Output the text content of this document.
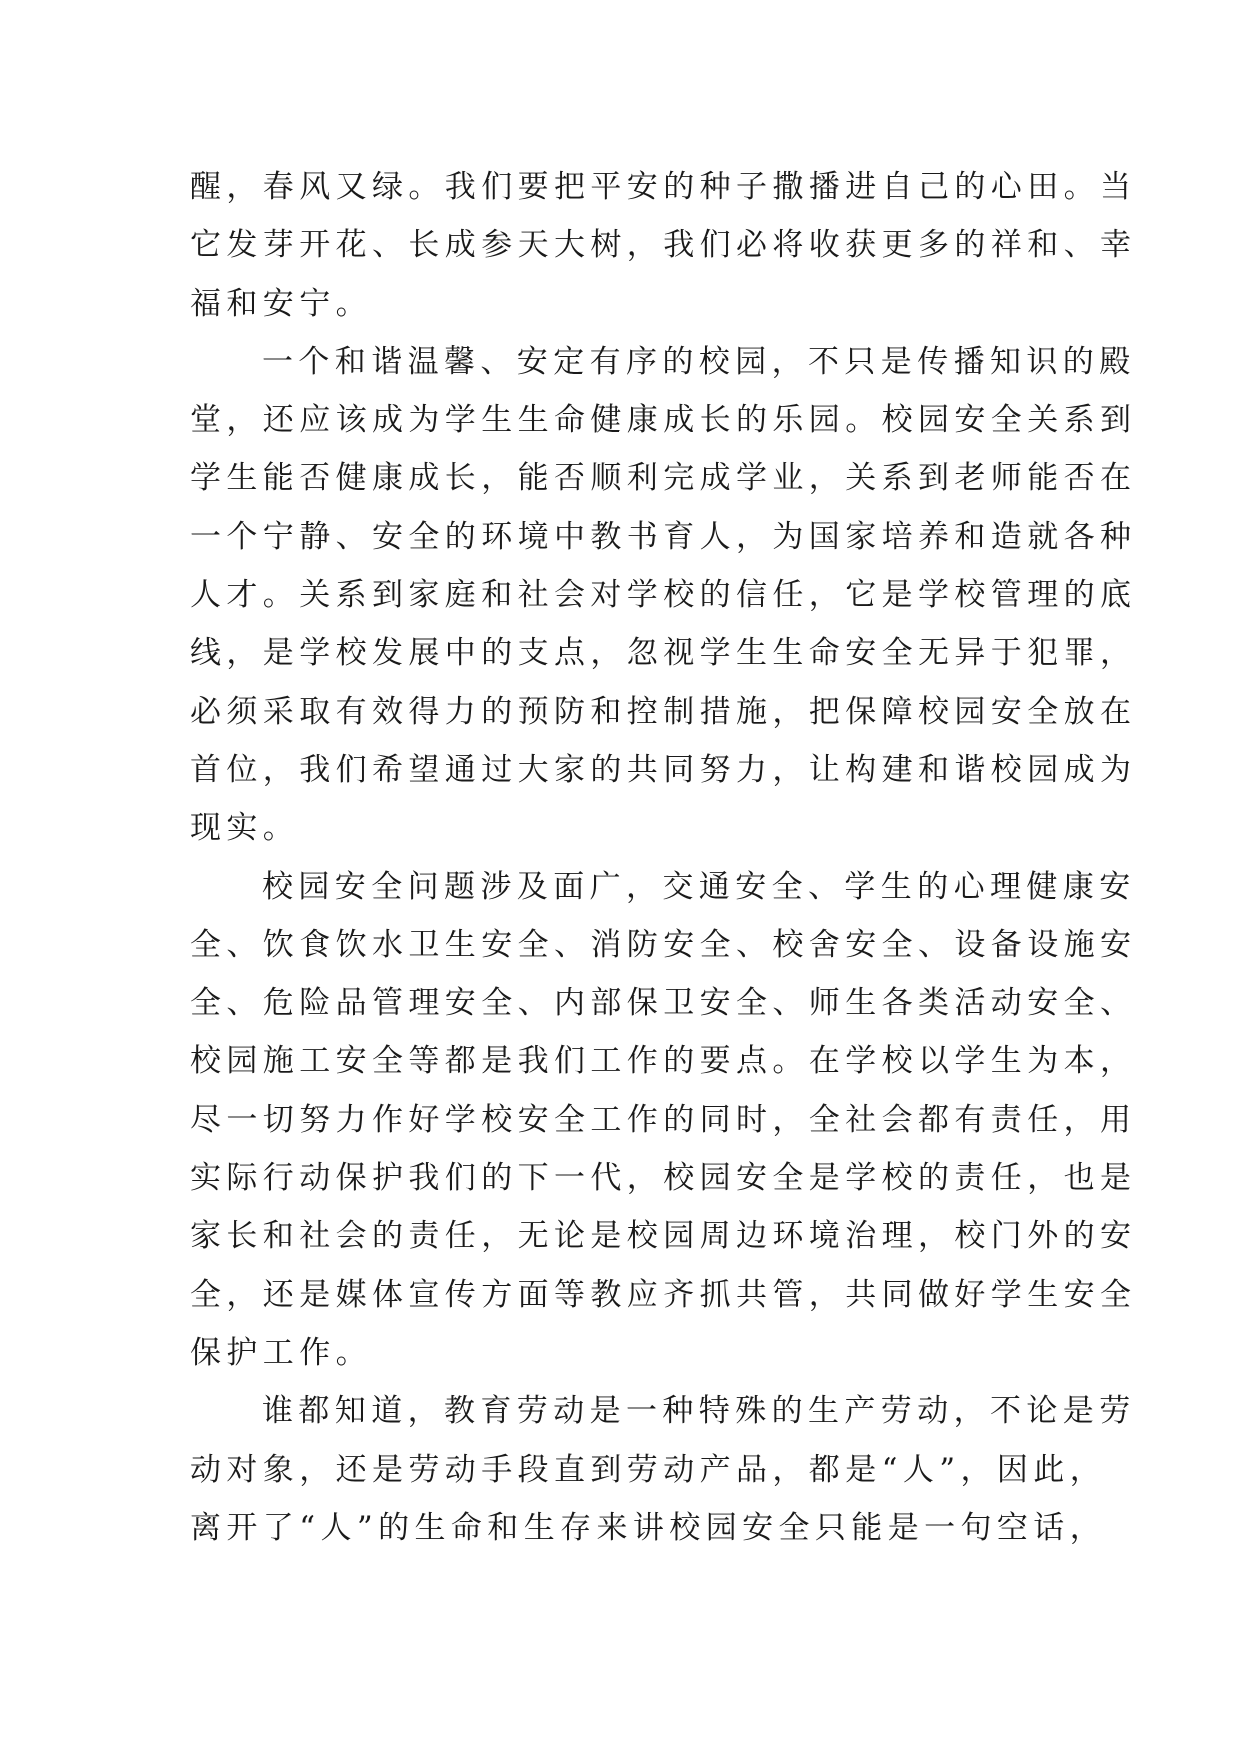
醒，春风又绿。我们要把平安的种子撒播进自己的心田。当
它发芽开花、长成参天大树，我们必将收获更多的祥和、幸
福和安宁。
一个和谐温馨、安定有序的校园，不只是传播知识的殿
堂，还应该成为学生生命健康成长的乐园。校园安全关系到
学生能否健康成长，能否顺利完成学业，关系到老师能否在
一个宁静、安全的环境中教书育人，为国家培养和造就各种
人才。关系到家庭和社会对学校的信任，它是学校管理的底
线，是学校发展中的支点，忽视学生生命安全无异于犯罪，
必须采取有效得力的预防和控制措施，把保障校园安全放在
首位，我们希望通过大家的共同努力，让构建和谐校园成为
现实。
校园安全问题涉及面广，交通安全、学生的心理健康安
全、饮食饮水卫生安全、消防安全、校舍安全、设备设施安
全、危险品管理安全、内部保卫安全、师生各类活动安全、
校园施工安全等都是我们工作的要点。在学校以学生为本，
尽一切努力作好学校安全工作的同时，全社会都有责任，用
实际行动保护我们的下一代，校园安全是学校的责任，也是
家长和社会的责任，无论是校园周边环境治理，校门外的安
全，还是媒体宣传方面等教应齐抓共管，共同做好学生安全
保护工作。
谁都知道，教育劳动是一种特殊的生产劳动，不论是劳
动对象，还是劳动手段直到劳动产品，都是“人”，因此，
离开了“人”的生命和生存来讲校园安全只能是一句空话，
